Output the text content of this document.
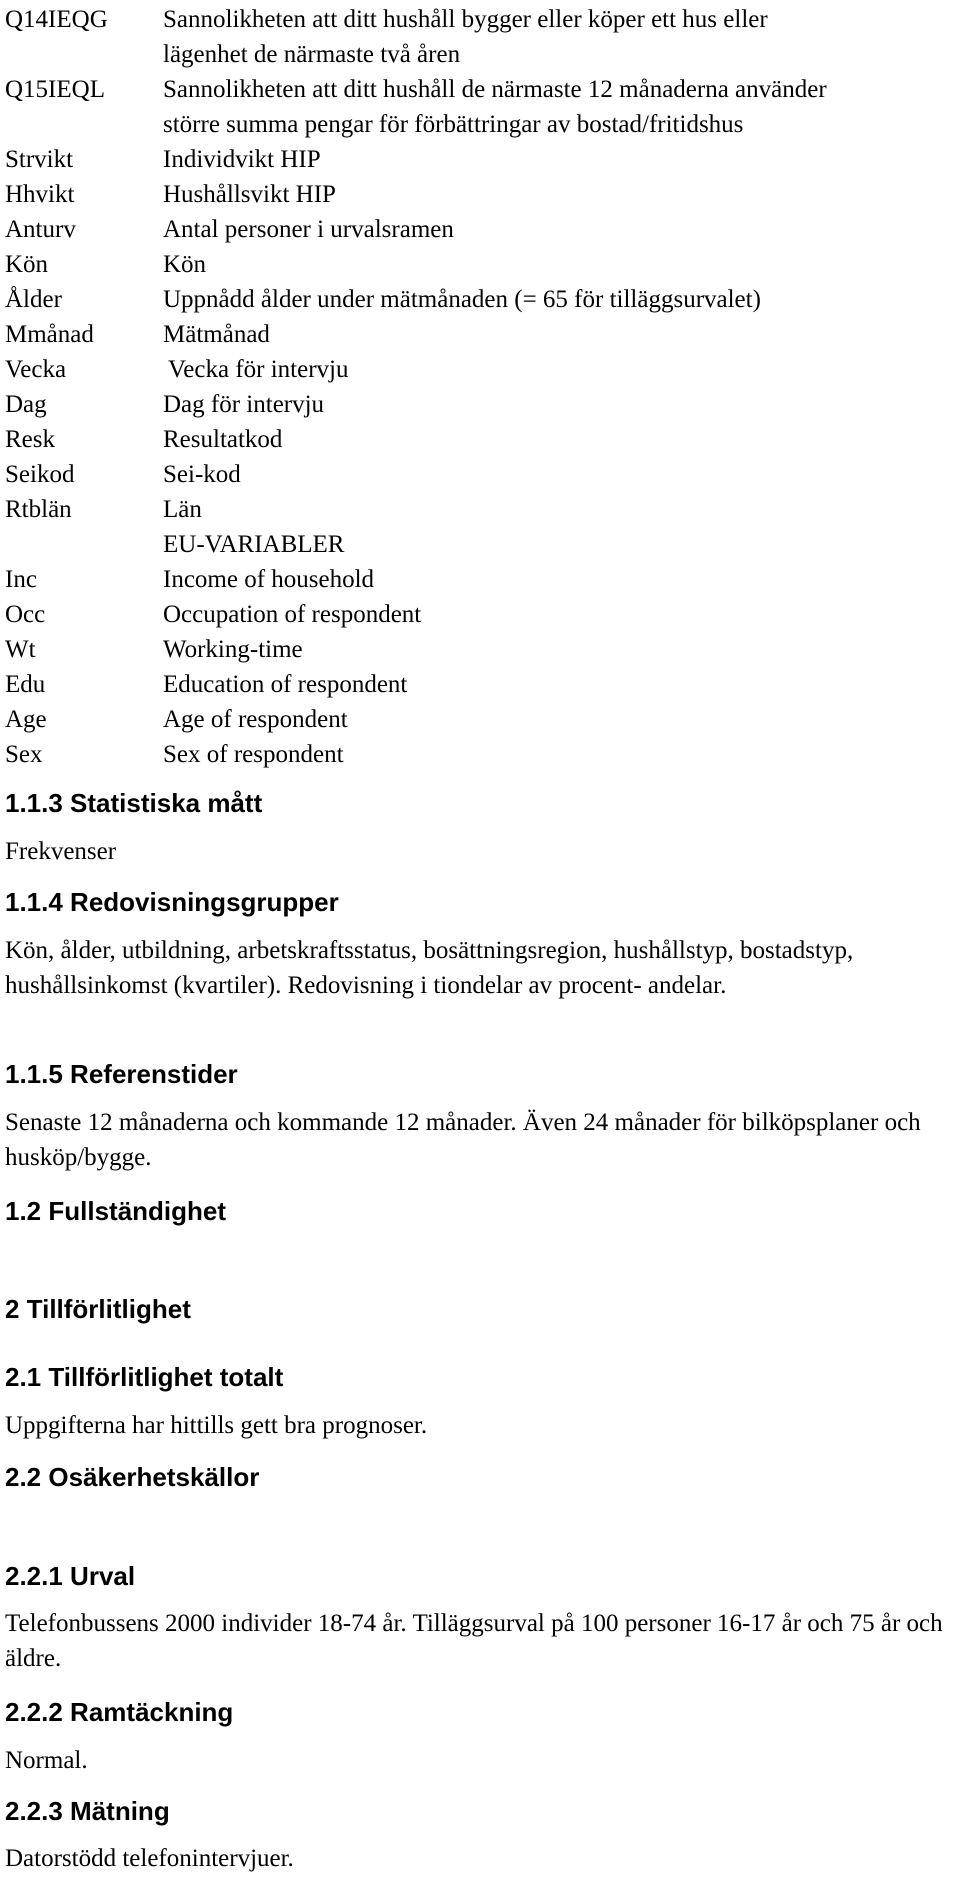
Q14IEQG	Sannolikheten att ditt hushåll bygger eller köper ett hus eller
lägenhet de närmaste två åren
Q15IEQL	Sannolikheten att ditt hushåll de närmaste 12 månaderna använder
större summa pengar för förbättringar av bostad/fritidshus
Strvikt	Individvikt HIP
Hhvikt	Hushållsvikt HIP
Anturv	Antal personer i urvalsramen
Kön	Kön
Ålder	Uppnådd ålder under mätmånaden (= 65 för tilläggsurvalet)
Mmånad	Mätmånad
Vecka	Vecka för intervju
Dag	Dag för intervju
Resk	Resultatkod
Seikod	Sei-kod
Rtblän	Län
EU-VARIABLER
Inc	Income of household
Occ	Occupation of respondent
Wt	Working-time
Edu	Education of respondent
Age	Age of respondent
Sex	Sex of respondent
1.1.3 Statistiska mått
Frekvenser
1.1.4 Redovisningsgrupper
Kön, ålder, utbildning, arbetskraftsstatus, bosättningsregion, hushållstyp, bostadstyp, hushållsinkomst (kvartiler). Redovisning i tiondelar av procent- andelar.
1.1.5 Referenstider
Senaste 12 månaderna och kommande 12 månader. Även 24 månader för bilköpsplaner och husköp/bygge.
1.2 Fullständighet
2 Tillförlitlighet
2.1 Tillförlitlighet totalt
Uppgifterna har hittills gett bra prognoser.
2.2 Osäkerhetskällor
2.2.1 Urval
Telefonbussens 2000 individer 18-74 år. Tilläggsurval på 100 personer 16-17 år och 75 år och äldre.
2.2.2 Ramtäckning
Normal.
2.2.3 Mätning
Datorstödd telefonintervjuer.
